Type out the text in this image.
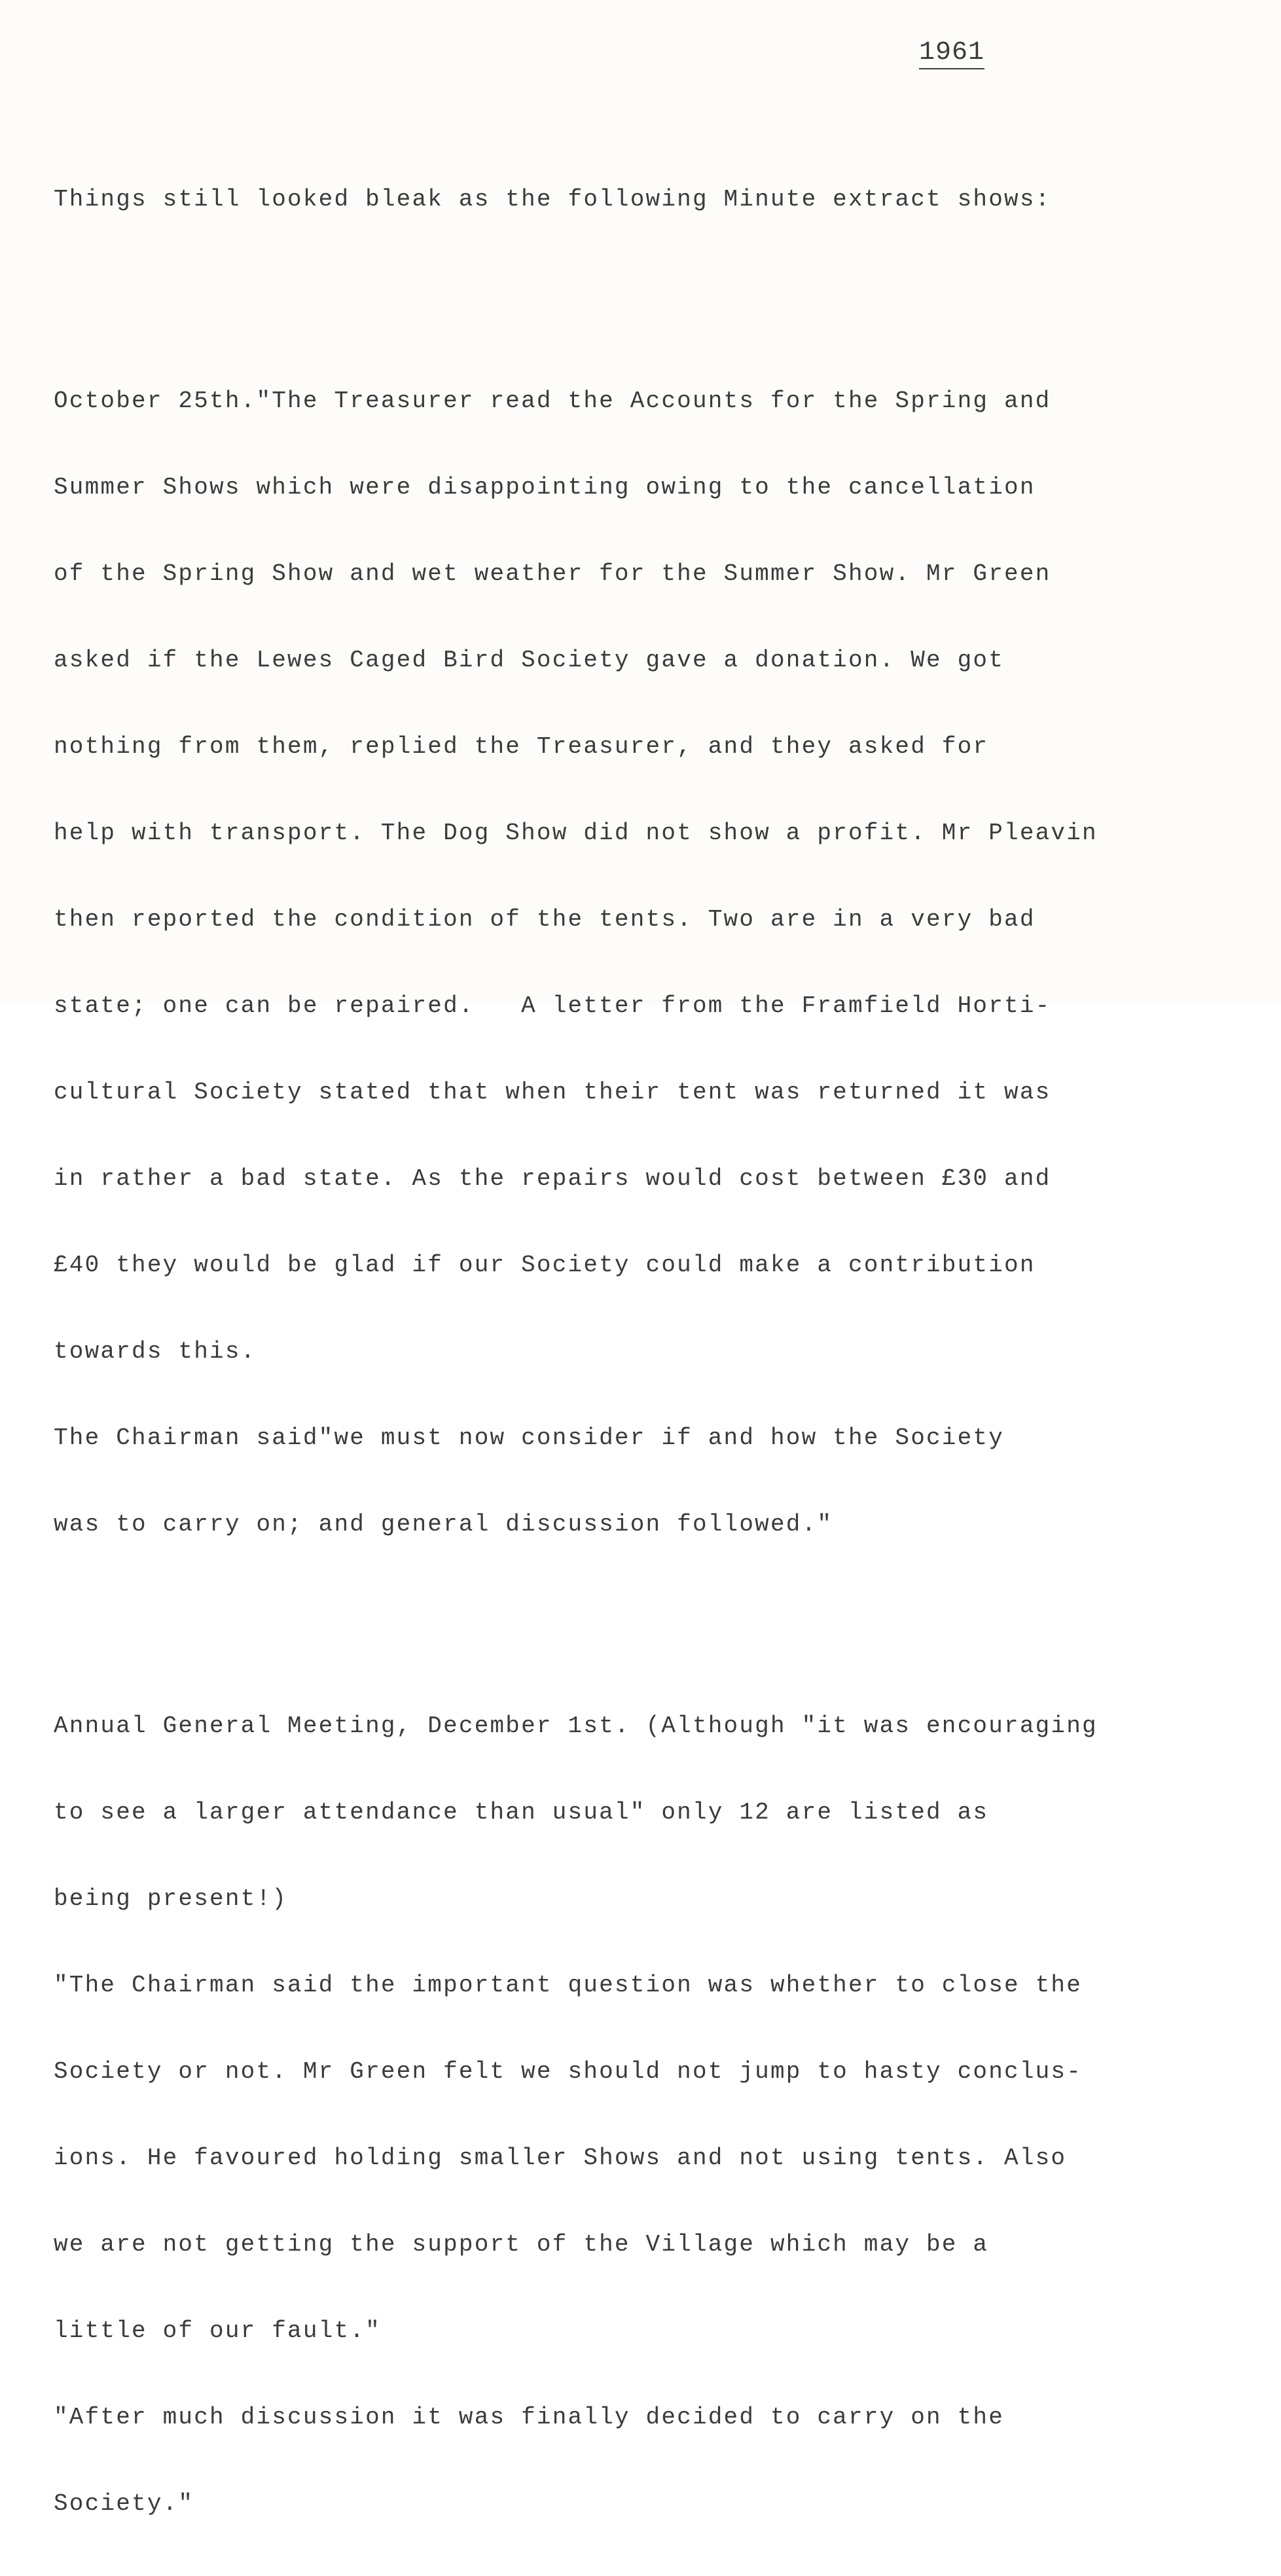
1961

Things still looked bleak as the following Minute extract shows:

October 25th."The Treasurer read the Accounts for the Spring and

Summer Shows which were disappointing owing to the cancellation

of the Spring Show and wet weather for the Summer Show. Mr Green

asked if the Lewes Caged Bird Society gave a donation. We got

nothing from them, replied the Treasurer, and they asked for

help with transport. The Dog Show did not show a profit. Mr Pleavin

then reported the condition of the tents. Two are in a very bad

state; one can be repaired.   A letter from the Framfield Horti-

cultural Society stated that when their tent was returned it was

in rather a bad state. As the repairs would cost between £30 and

£40 they would be glad if our Society could make a contribution

towards this.

The Chairman said"we must now consider if and how the Society

was to carry on; and general discussion followed."

Annual General Meeting, December 1st. (Although "it was encouraging

to see a larger attendance than usual" only 12 are listed as

being present!)

"The Chairman said the important question was whether to close the

Society or not. Mr Green felt we should not jump to hasty conclus-

ions. He favoured holding smaller Shows and not using tents. Also

we are not getting the support of the Village which may be a

little of our fault."

"After much discussion it was finally decided to carry on the

Society."
